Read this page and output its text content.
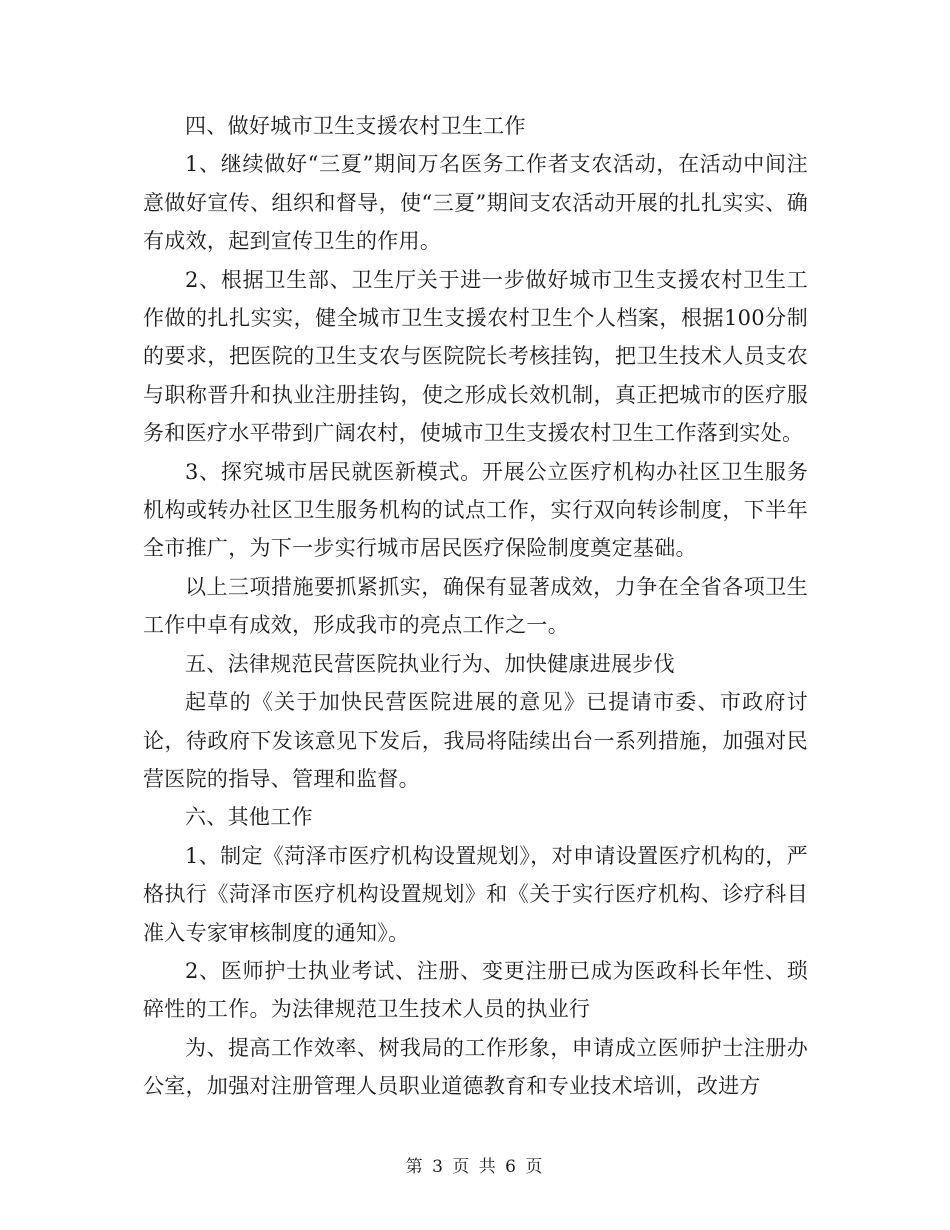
四、做好城市卫生支援农村卫生工作

1、继续做好“三夏”期间万名医务工作者支农活动，在活动中间注意做好宣传、组织和督导，使“三夏”期间支农活动开展的扎扎实实、确有成效，起到宣传卫生的作用。

2、根据卫生部、卫生厅关于进一步做好城市卫生支援农村卫生工作做的扎扎实实，健全城市卫生支援农村卫生个人档案，根据100分制的要求，把医院的卫生支农与医院院长考核挂钩，把卫生技术人员支农与职称晋升和执业注册挂钩，使之形成长效机制，真正把城市的医疗服务和医疗水平带到广阔农村，使城市卫生支援农村卫生工作落到实处。

3、探究城市居民就医新模式。开展公立医疗机构办社区卫生服务机构或转办社区卫生服务机构的试点工作，实行双向转诊制度，下半年全市推广，为下一步实行城市居民医疗保险制度奠定基础。

以上三项措施要抓紧抓实，确保有显著成效，力争在全省各项卫生工作中卓有成效，形成我市的亮点工作之一。

五、法律规范民营医院执业行为、加快健康进展步伐

起草的《关于加快民营医院进展的意见》已提请市委、市政府讨论，待政府下发该意见下发后，我局将陆续出台一系列措施，加强对民营医院的指导、管理和监督。

六、其他工作

1、制定《菏泽市医疗机构设置规划》，对申请设置医疗机构的，严格执行《菏泽市医疗机构设置规划》和《关于实行医疗机构、诊疗科目准入专家审核制度的通知》。

2、医师护士执业考试、注册、变更注册已成为医政科长年性、琐碎性的工作。为法律规范卫生技术人员的执业行

为、提高工作效率、树我局的工作形象，申请成立医师护士注册办公室，加强对注册管理人员职业道德教育和专业技术培训，改进方

第 3 页 共 6 页
